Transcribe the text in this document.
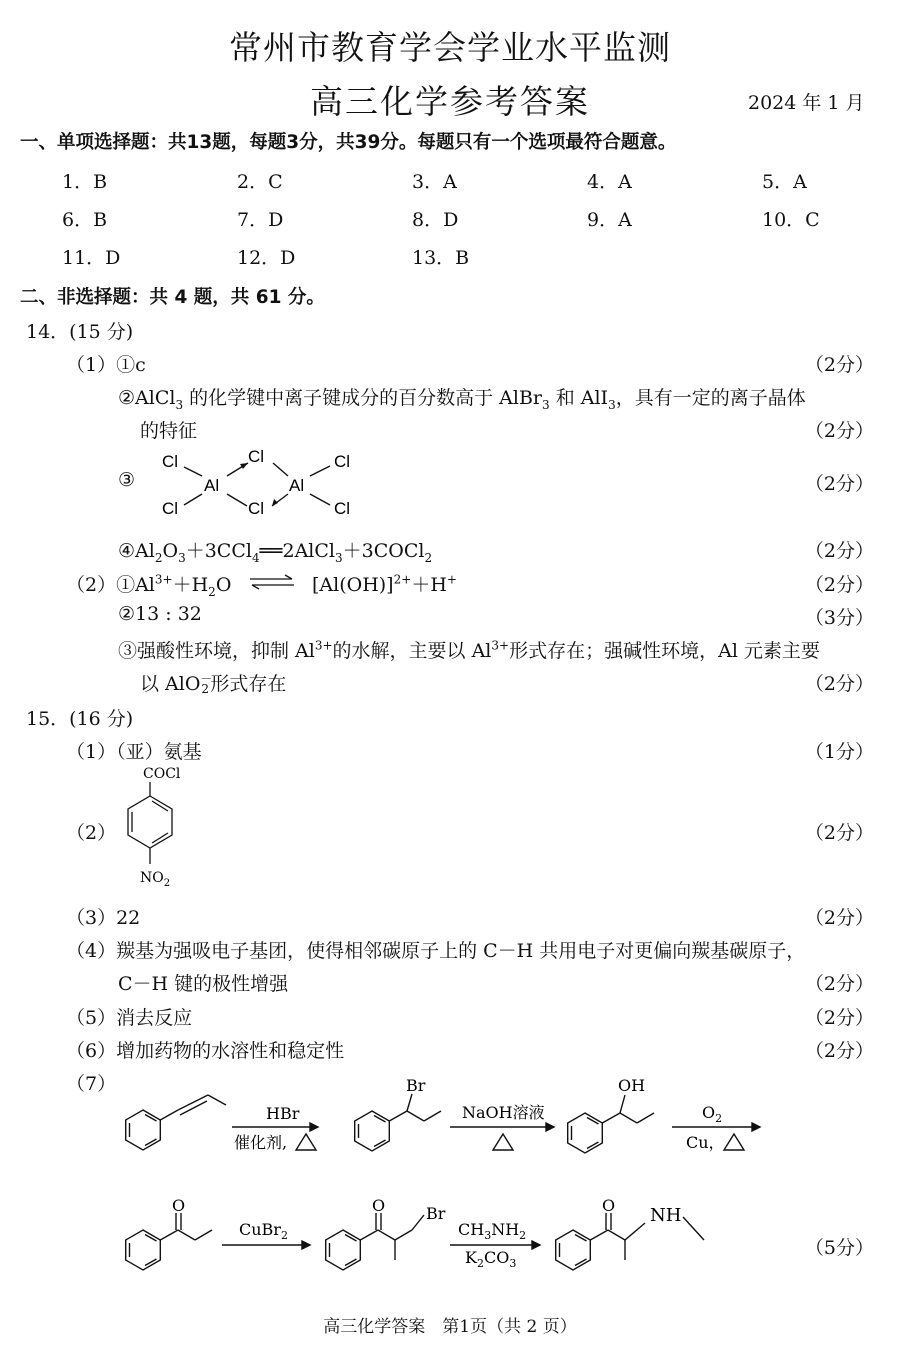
常州市教育学会学业水平监测
高三化学参考答案	2024 年 1 月
一、单项选择题：共13题，每题3分，共39分。每题只有一个选项最符合题意。
1．B	2．C	3．A	4．A	5．A
6．B	7．D	8．D	9．A	10．C
11．D	12．D	13．B
二、非选择题：共 4 题，共 61 分。
14．(15 分)
（1）①c	（2分）
②AlCl$_3$ 的化学键中离子键成分的百分数高于 AlBr$_3$ 和 AlI$_3$，具有一定的离子晶体
的特征	（2分）
③	（2分）
Cl
Cl
Al
Cl
Cl
Al
Cl
Cl
$④Al_2O_3+3CCl_4══2AlCl_3+3COCl_2$	（2分）
$(2)①Al^{3+}+H_2O$ ⇌ $[Al(OH)]^{2+}+H^+$	（2分）
②13 : 32	（3分）
③强酸性环境，抑制 $Al^{3+}$的水解，主要以 $Al^{3+}$形式存在；强碱性环境，Al 元素主要
以 AlO －
2 形式存在	（2分）
15．(16 分)
（1）（亚）氨基	（1分）
（2）	（2分）
COCl
$NO_2$
（3）22	（2分）
（4）羰基为强吸电子基团，使得相邻碳原子上的 C－H 共用电子对更偏向羰基碳原子，
C－H 键的极性增强	（2分）
（5）消去反应	（2分）
（6）增加药物的水溶性和稳定性	（2分）
（7）
（5分）
HBr
催化剂,
Br
NaOH溶液
OH
$O_2$
Cu，
O
CuBr$_2$
O	Br
$CH_3NH_2$
$K_2CO_3$
O NH
高三化学答案　第1页（共 2 页）
